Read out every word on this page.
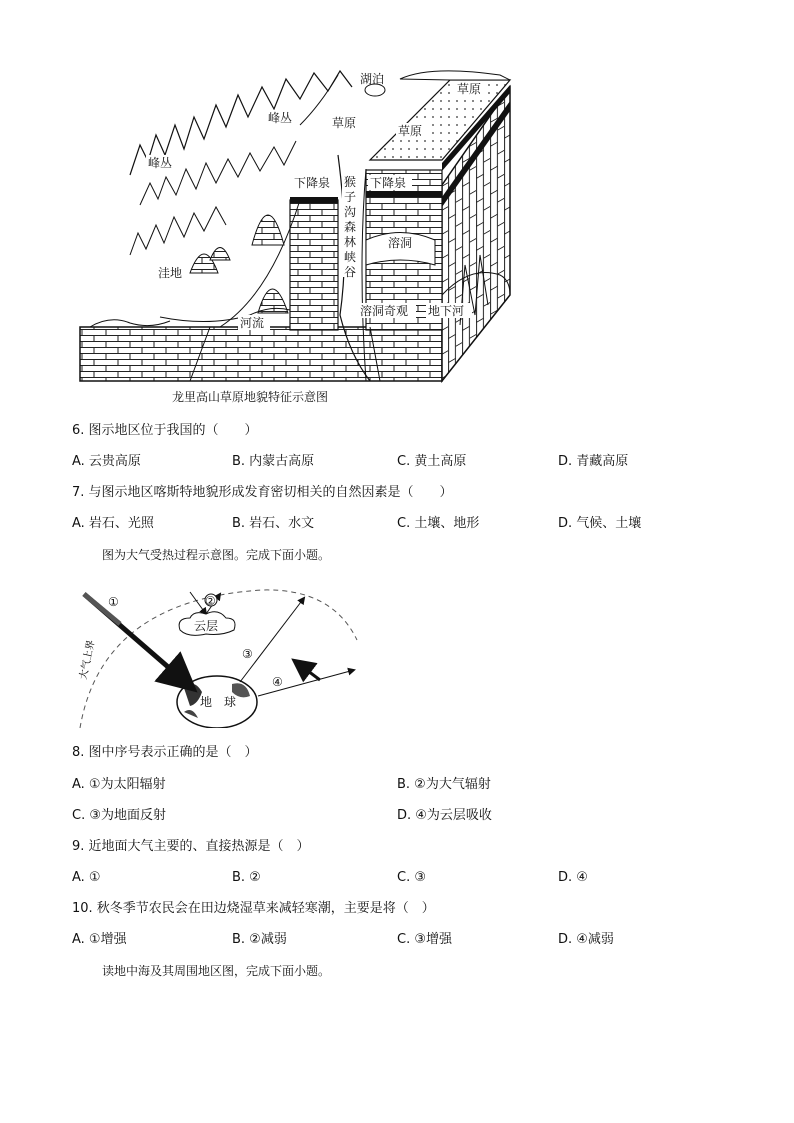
湖泊
草原
草原
草原
峰丛
峰丛
下降泉	下降泉
猴子沟森林峡谷
溶洞
洼地
河流
溶洞奇观 地下河
龙里高山草原地貌特征示意图
6. 图示地区位于我国的（　　）
A. 云贵高原	B. 内蒙古高原	C. 黄土高原	D. 青藏高原
7. 与图示地区喀斯特地貌形成发育密切相关的自然因素是（　　）
A. 岩石、光照	B. 岩石、水文	C. 土壤、地形	D. 气候、土壤
图为大气受热过程示意图。完成下面小题。
地　球
①	②
云层
③
④
大气上界
8. 图中序号表示正确的是（　）
A. ①为太阳辐射	B. ②为大气辐射
C. ③为地面反射	D. ④为云层吸收
9. 近地面大气主要的、直接热源是（　）
A. ①	B. ②	C. ③	D. ④
10. 秋冬季节农民会在田边烧湿草来减轻寒潮，主要是将（　）
A. ①增强	B. ②减弱	C. ③增强	D. ④减弱
读地中海及其周围地区图，完成下面小题。
